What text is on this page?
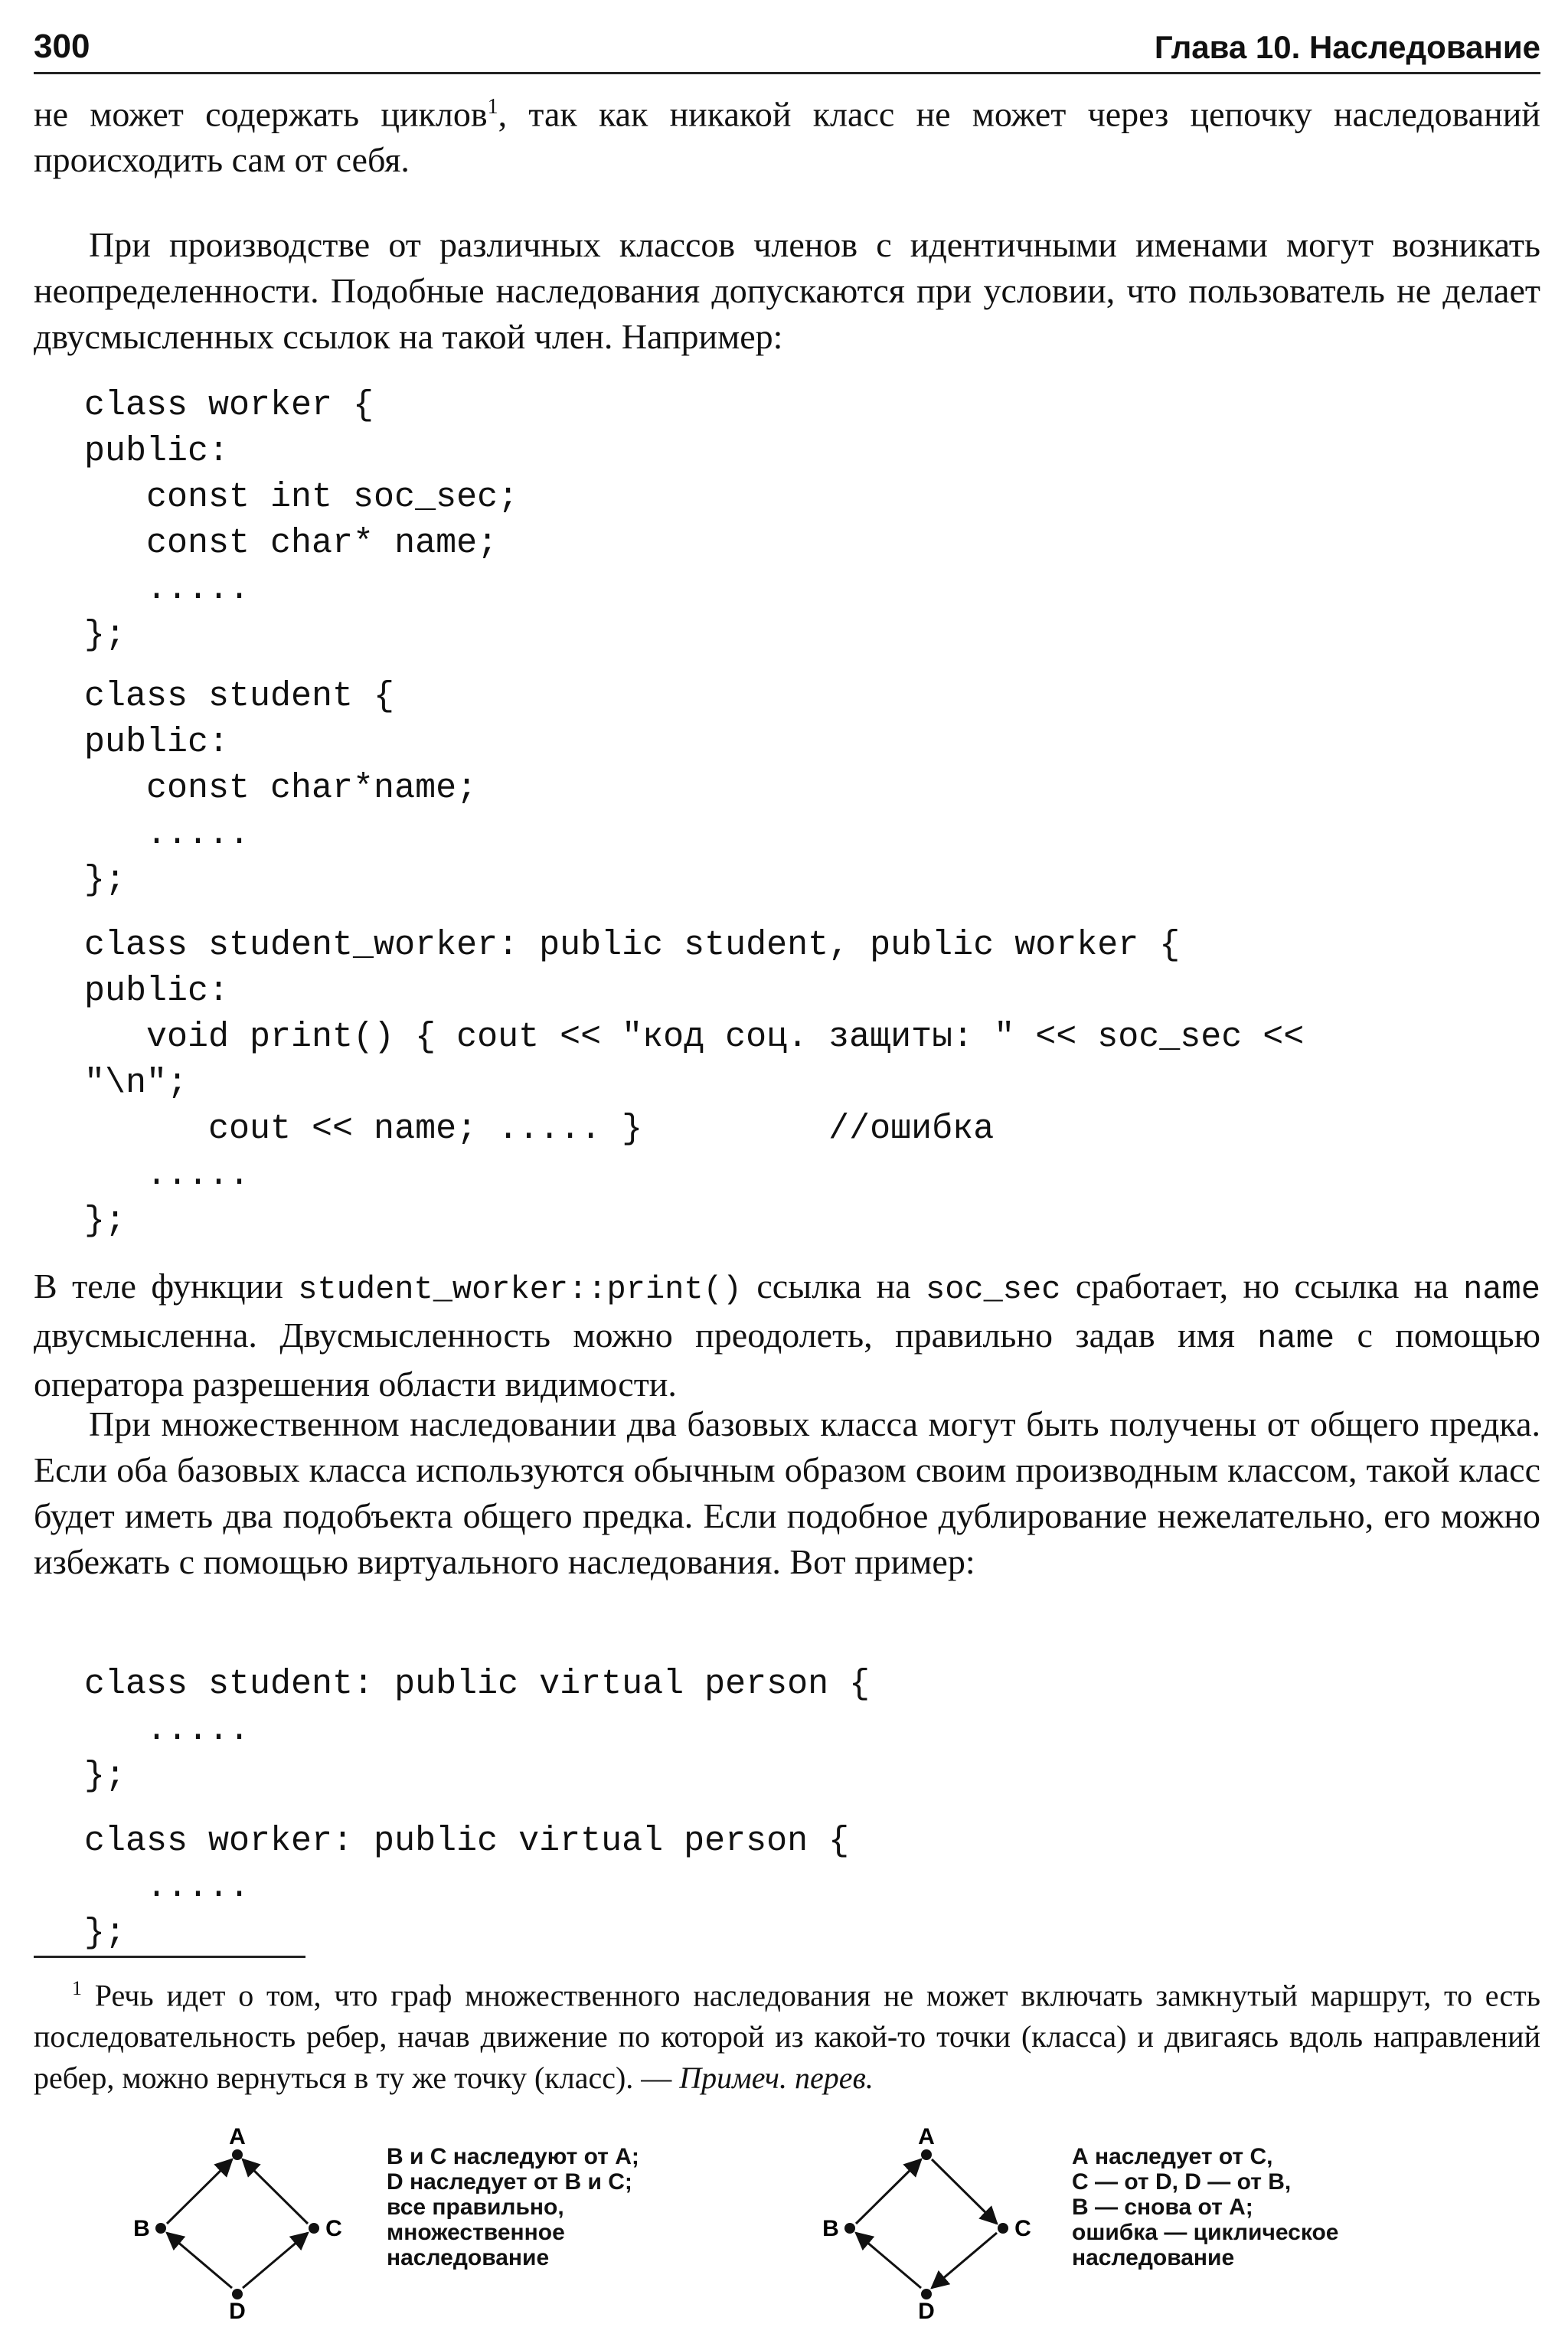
300	Глава 10. Наследование

не может содержать циклов$^1$, так как никакой класс не может через цепочку наследований происходить сам от себя.

При производстве от различных классов членов с идентичными именами могут возникать неопределенности. Подобные наследования допускаются при условии, что пользователь не делает двусмысленных ссылок на такой член. Например:

class worker {
public:
const int soc_sec;
const char* name;
.....
};
class student {
public:
const char*name;
.....
};
class student_worker: public student, public worker {
public:
void print() { cout << "код соц. защиты: " << soc_sec <<
"\n";
cout << name; ..... }         //ошибка
.....
};

В теле функции student_worker::print() ссылка на soc_sec сработает, но ссылка на name двусмысленна. Двусмысленность можно преодолеть, правильно задав имя name с помощью оператора разрешения области видимости.

При множественном наследовании два базовых класса могут быть получены от общего предка. Если оба базовых класса используются обычным образом своим производным классом, такой класс будет иметь два подобъекта общего предка. Если подобное дублирование нежелательно, его можно избежать с помощью виртуального наследования. Вот пример:

class student: public virtual person {
.....
};
class worker: public virtual person {
.....
};

$^1$ Речь идет о том, что граф множественного наследования не может включать замкнутый маршрут, то есть последовательность ребер, начав движение по которой из какой-то точки (класса) и двигаясь вдоль направлений ребер, можно вернуться в ту же точку (класс). — Примеч. перев.

A
B	C
D
В и С наследуют от А;
D наследует от В и С;
все правильно,
множественное
наследование
A
B	C
D
А наследует от С,
С — от D, D — от В,
В — снова от А;
ошибка — циклическое
наследование
